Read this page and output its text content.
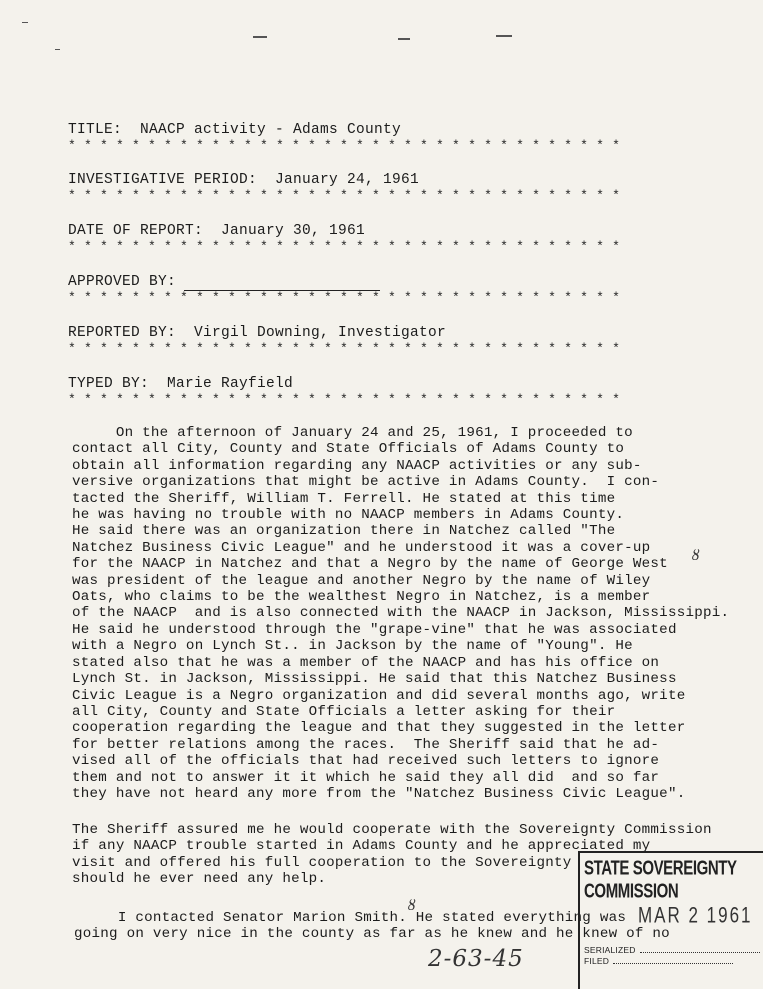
TITLE:  NAACP activity - Adams County
* * * * * * * * * * * * * * * * * * * * * * * * * * * * * * * * * * *
INVESTIGATIVE PERIOD:  January 24, 1961
* * * * * * * * * * * * * * * * * * * * * * * * * * * * * * * * * * *
DATE OF REPORT:  January 30, 1961
* * * * * * * * * * * * * * * * * * * * * * * * * * * * * * * * * * *
APPROVED BY:
* * * * * * * * * * * * * * * * * * * * * * * * * * * * * * * * * * *
REPORTED BY:  Virgil Downing, Investigator
* * * * * * * * * * * * * * * * * * * * * * * * * * * * * * * * * * *
TYPED BY:  Marie Rayfield
* * * * * * * * * * * * * * * * * * * * * * * * * * * * * * * * * * *
On the afternoon of January 24 and 25, 1961, I proceeded to
contact all City, County and State Officials of Adams County to
obtain all information regarding any NAACP activities or any sub-
versive organizations that might be active in Adams County.  I con-
tacted the Sheriff, William T. Ferrell. He stated at this time
he was having no trouble with no NAACP members in Adams County.
He said there was an organization there in Natchez called "The
Natchez Business Civic League" and he understood it was a cover-up
for the NAACP in Natchez and that a Negro by the name of George West
was president of the league and another Negro by the name of Wiley
Oats, who claims to be the wealthest Negro in Natchez, is a member
of the NAACP  and is also connected with the NAACP in Jackson, Mississippi.
He said he understood through the "grape-vine" that he was associated
with a Negro on Lynch St.. in Jackson by the name of "Young". He
stated also that he was a member of the NAACP and has his office on
Lynch St. in Jackson, Mississippi. He said that this Natchez Business
Civic League is a Negro organization and did several months ago, write
all City, County and State Officials a letter asking for their
cooperation regarding the league and that they suggested in the letter
for better relations among the races.  The Sheriff said that he ad-
vised all of the officials that had received such letters to ignore
them and not to answer it it which he said they all did  and so far
they have not heard any more from the "Natchez Business Civic League".
The Sheriff assured me he would cooperate with the Sovereignty Commission
if any NAACP trouble started in Adams County and he appreciated my
visit and offered his full cooperation to the Sovereignty
should he ever need any help.
I contacted Senator Marion Smith. He stated everything was
going on very nice in the county as far as he knew and he knew of no
ȣ
ȣ
2-63-45
STATE SOVEREIGNTY COMMISSION
MAR 2 1961
SERIALIZED
FILED
